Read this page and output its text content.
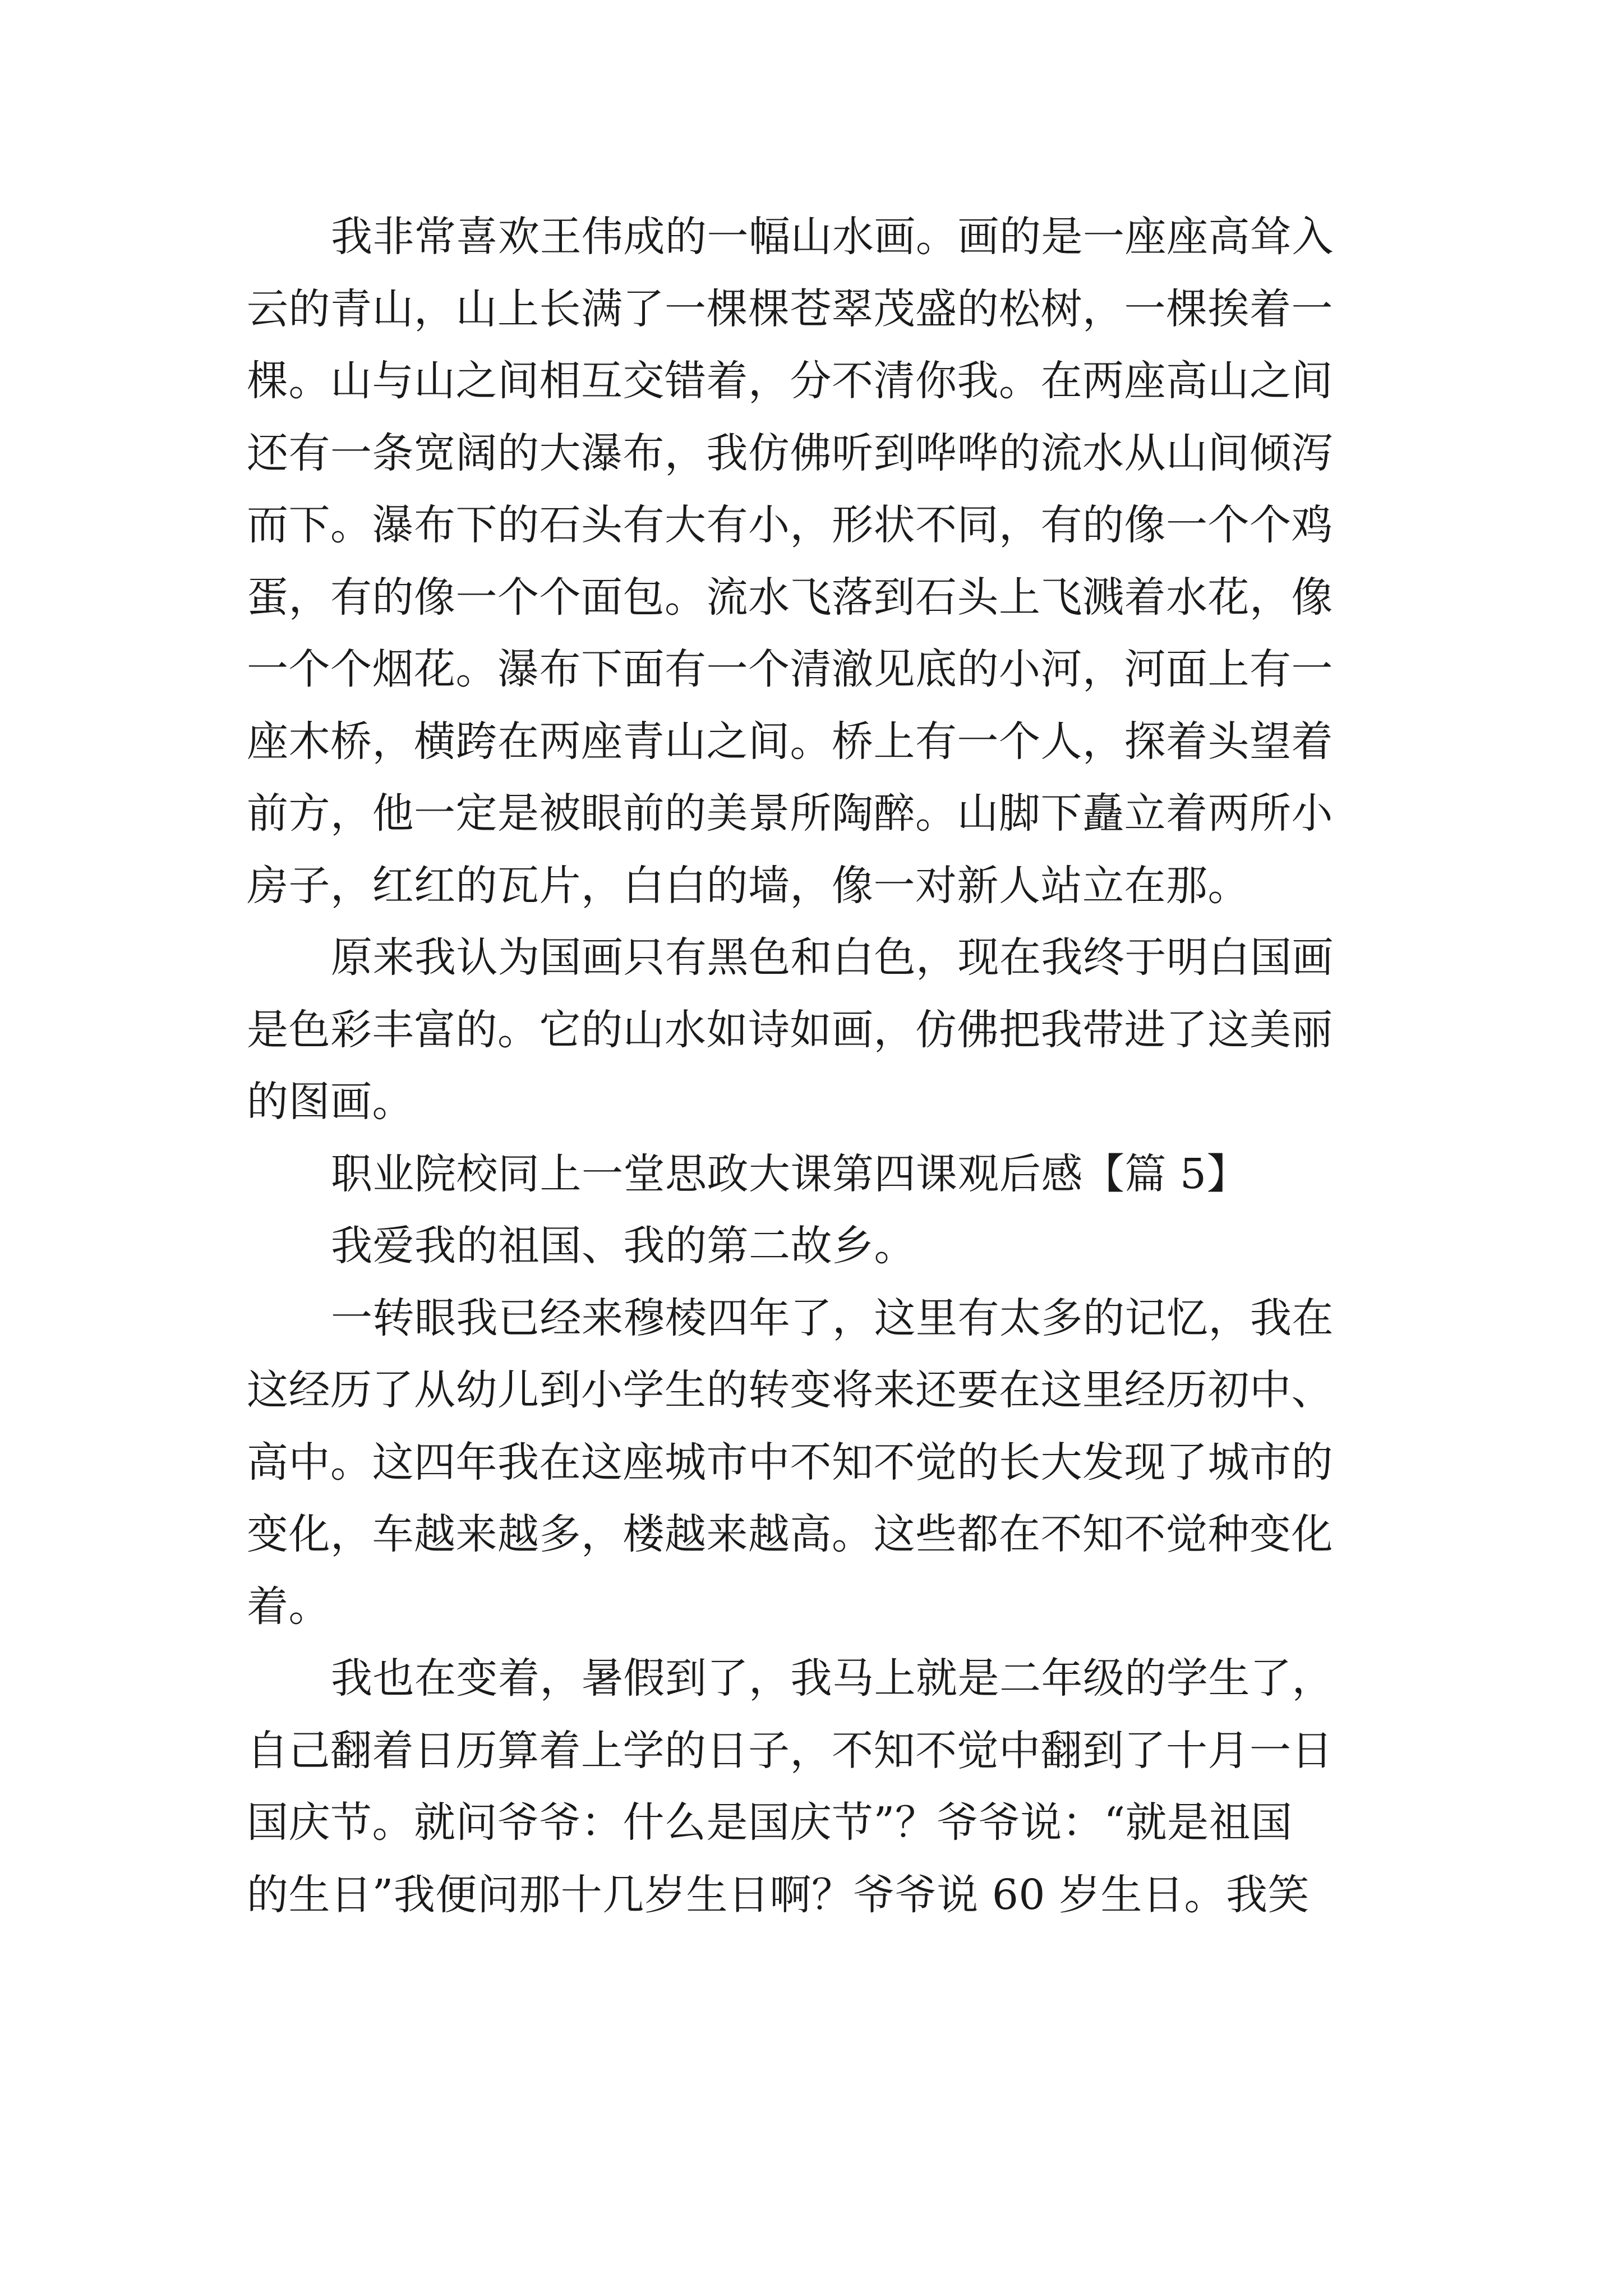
我非常喜欢王伟成的一幅山水画。画的是一座座高耸入
云的青山，山上长满了一棵棵苍翠茂盛的松树，一棵挨着一
棵。山与山之间相互交错着，分不清你我。在两座高山之间
还有一条宽阔的大瀑布，我仿佛听到哗哗的流水从山间倾泻
而下。瀑布下的石头有大有小，形状不同，有的像一个个鸡
蛋，有的像一个个面包。流水飞落到石头上飞溅着水花，像
一个个烟花。瀑布下面有一个清澈见底的小河，河面上有一
座木桥，横跨在两座青山之间。桥上有一个人，探着头望着
前方，他一定是被眼前的美景所陶醉。山脚下矗立着两所小
房子，红红的瓦片，白白的墙，像一对新人站立在那。
原来我认为国画只有黑色和白色，现在我终于明白国画
是色彩丰富的。它的山水如诗如画，仿佛把我带进了这美丽
的图画。
职业院校同上一堂思政大课第四课观后感【篇 5】
我爱我的祖国、我的第二故乡。
一转眼我已经来穆棱四年了，这里有太多的记忆，我在
这经历了从幼儿到小学生的转变将来还要在这里经历初中、
高中。这四年我在这座城市中不知不觉的长大发现了城市的
变化，车越来越多，楼越来越高。这些都在不知不觉种变化
着。
我也在变着，暑假到了，我马上就是二年级的学生了，
自己翻着日历算着上学的日子，不知不觉中翻到了十月一日
国庆节。就问爷爷：什么是国庆节”？爷爷说：“就是祖国
的生日”我便问那十几岁生日啊？爷爷说 60 岁生日。我笑
